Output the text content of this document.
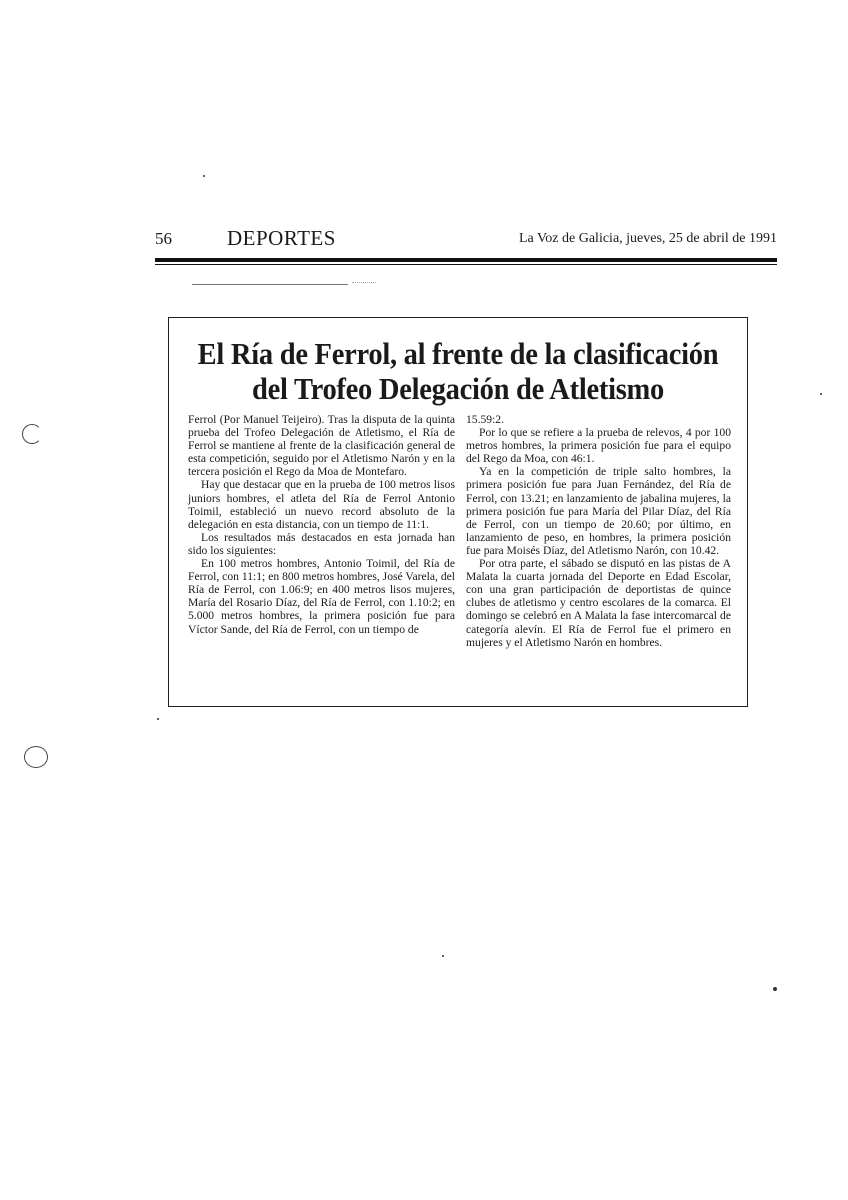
56	DEPORTES	La Voz de Galicia, jueves, 25 de abril de 1991
El Ría de Ferrol, al frente de la clasificación
del Trofeo Delegación de Atletismo

Ferrol (Por Manuel Teijeiro). Tras la disputa de la quinta prueba del Trofeo Delegación de Atletismo, el Ría de Ferrol se mantiene al frente de la clasificación general de esta competición, seguido por el Atletismo Narón y en la tercera posición el Rego da Moa de Montefaro.

Hay que destacar que en la prueba de 100 metros lisos juniors hombres, el atleta del Ría de Ferrol Antonio Toimil, estableció un nuevo record absoluto de la delegación en esta distancia, con un tiempo de 11:1.

Los resultados más destacados en esta jornada han sido los siguientes:

En 100 metros hombres, Antonio Toimil, del Ría de Ferrol, con 11:1; en 800 metros hombres, José Varela, del Ría de Ferrol, con 1.06:9; en 400 metros lisos mujeres, María del Rosario Díaz, del Ría de Ferrol, con 1.10:2; en 5.000 metros hombres, la primera posición fue para Víctor Sande, del Ría de Ferrol, con un tiempo de

15.59:2.

Por lo que se refiere a la prueba de relevos, 4 por 100 metros hombres, la primera posición fue para el equipo del Rego da Moa, con 46:1.

Ya en la competición de triple salto hombres, la primera posición fue para Juan Fernández, del Ría de Ferrol, con 13.21; en lanzamiento de jabalina mujeres, la primera posición fue para María del Pilar Díaz, del Ría de Ferrol, con un tiempo de 20.60; por último, en lanzamiento de peso, en hombres, la primera posición fue para Moisés Díaz, del Atletismo Narón, con 10.42.

Por otra parte, el sábado se disputó en las pistas de A Malata la cuarta jornada del Deporte en Edad Escolar, con una gran participación de deportistas de quince clubes de atletismo y centro escolares de la comarca. El domingo se celebró en A Malata la fase intercomarcal de categoría alevín. El Ría de Ferrol fue el primero en mujeres y el Atletismo Narón en hombres.
